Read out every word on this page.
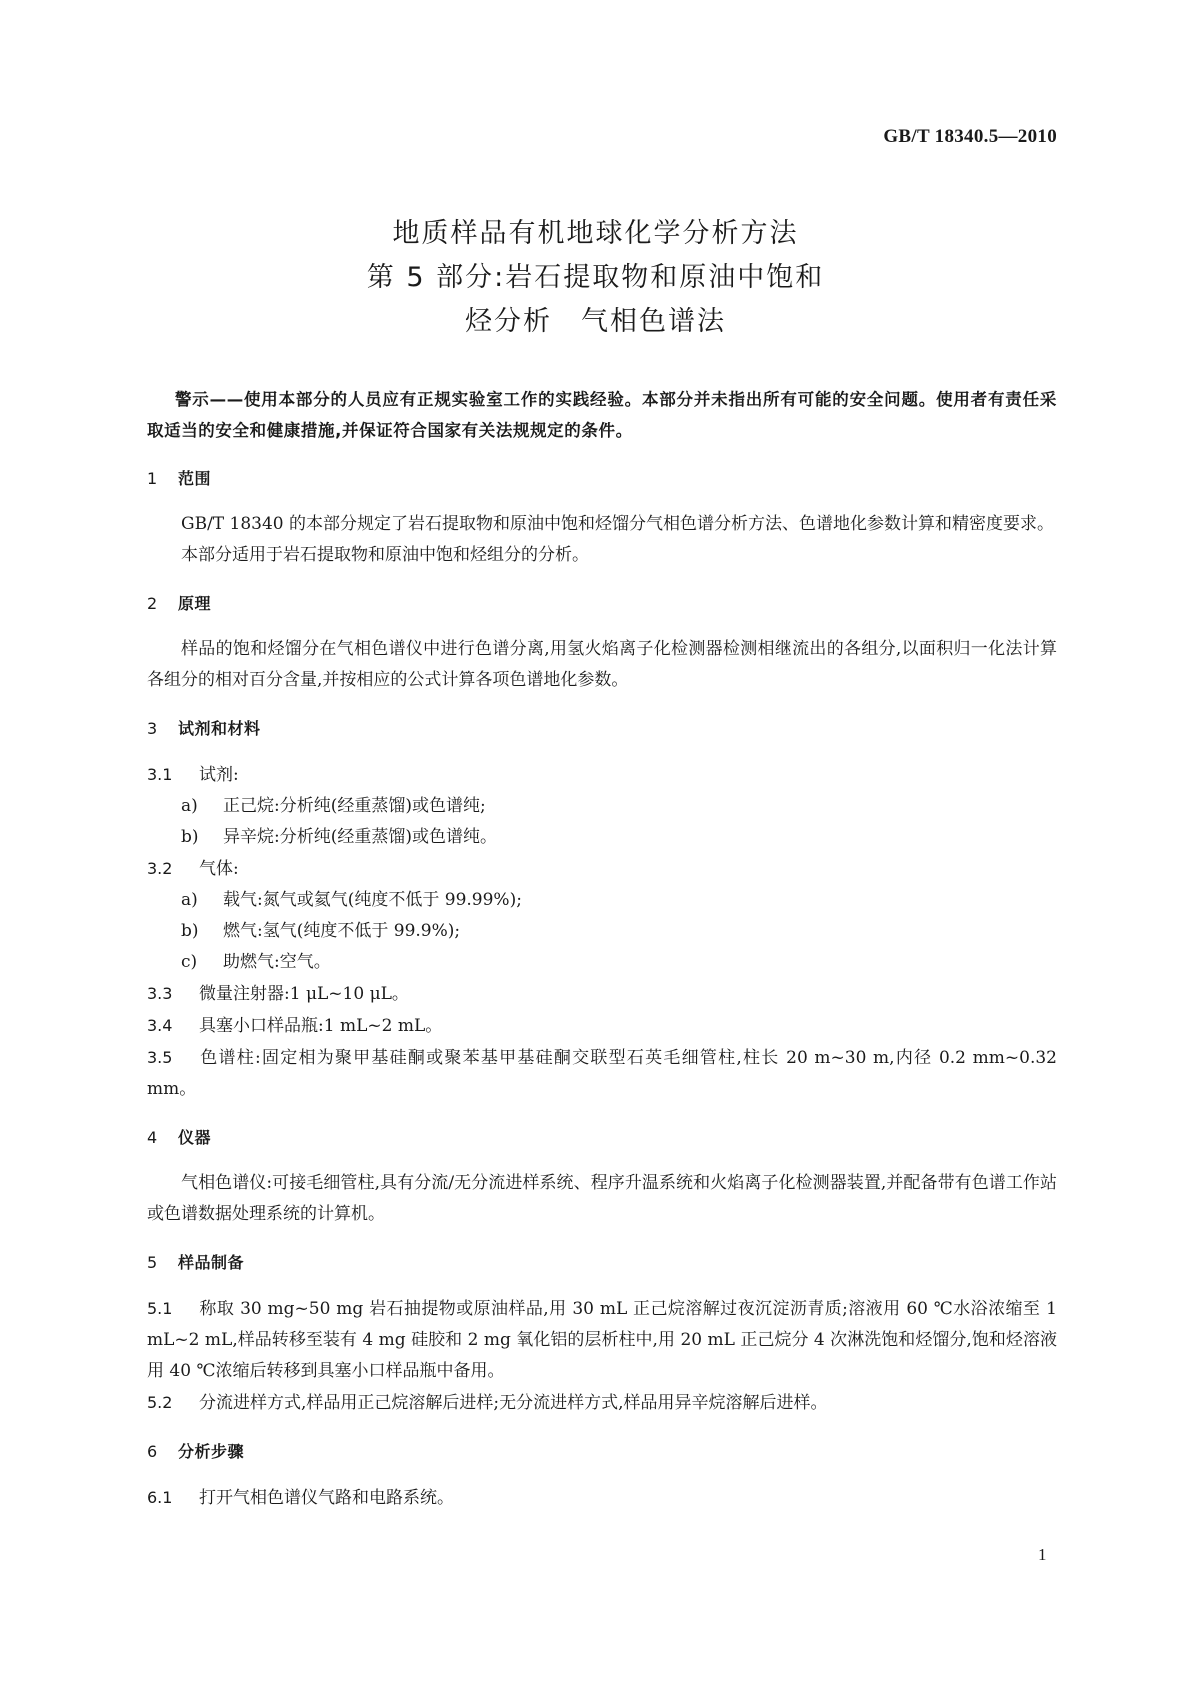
GB/T 18340.5—2010
地质样品有机地球化学分析方法
第 5 部分:岩石提取物和原油中饱和
烃分析　气相色谱法

警示——使用本部分的人员应有正规实验室工作的实践经验。本部分并未指出所有可能的安全问题。使用者有责任采取适当的安全和健康措施,并保证符合国家有关法规规定的条件。

1 范围

GB/T 18340 的本部分规定了岩石提取物和原油中饱和烃馏分气相色谱分析方法、色谱地化参数计算和精密度要求。

本部分适用于岩石提取物和原油中饱和烃组分的分析。

2 原理

样品的饱和烃馏分在气相色谱仪中进行色谱分离,用氢火焰离子化检测器检测相继流出的各组分,以面积归一化法计算各组分的相对百分含量,并按相应的公式计算各项色谱地化参数。

3 试剂和材料

3.1 试剂:

a) 正己烷:分析纯(经重蒸馏)或色谱纯;

b) 异辛烷:分析纯(经重蒸馏)或色谱纯。

3.2 气体:

a) 载气:氮气或氦气(纯度不低于 99.99%);

b) 燃气:氢气(纯度不低于 99.9%);

c) 助燃气:空气。

3.3 微量注射器:1 μL~10 μL。

3.4 具塞小口样品瓶:1 mL~2 mL。

3.5 色谱柱:固定相为聚甲基硅酮或聚苯基甲基硅酮交联型石英毛细管柱,柱长 20 m~30 m,内径 0.2 mm~0.32 mm。

4 仪器

气相色谱仪:可接毛细管柱,具有分流/无分流进样系统、程序升温系统和火焰离子化检测器装置,并配备带有色谱工作站或色谱数据处理系统的计算机。

5 样品制备

5.1 称取 30 mg~50 mg 岩石抽提物或原油样品,用 30 mL 正己烷溶解过夜沉淀沥青质;溶液用 60 ℃水浴浓缩至 1 mL~2 mL,样品转移至装有 4 mg 硅胶和 2 mg 氧化铝的层析柱中,用 20 mL 正己烷分 4 次淋洗饱和烃馏分,饱和烃溶液用 40 ℃浓缩后转移到具塞小口样品瓶中备用。

5.2 分流进样方式,样品用正己烷溶解后进样;无分流进样方式,样品用异辛烷溶解后进样。

6 分析步骤

6.1 打开气相色谱仪气路和电路系统。

1
